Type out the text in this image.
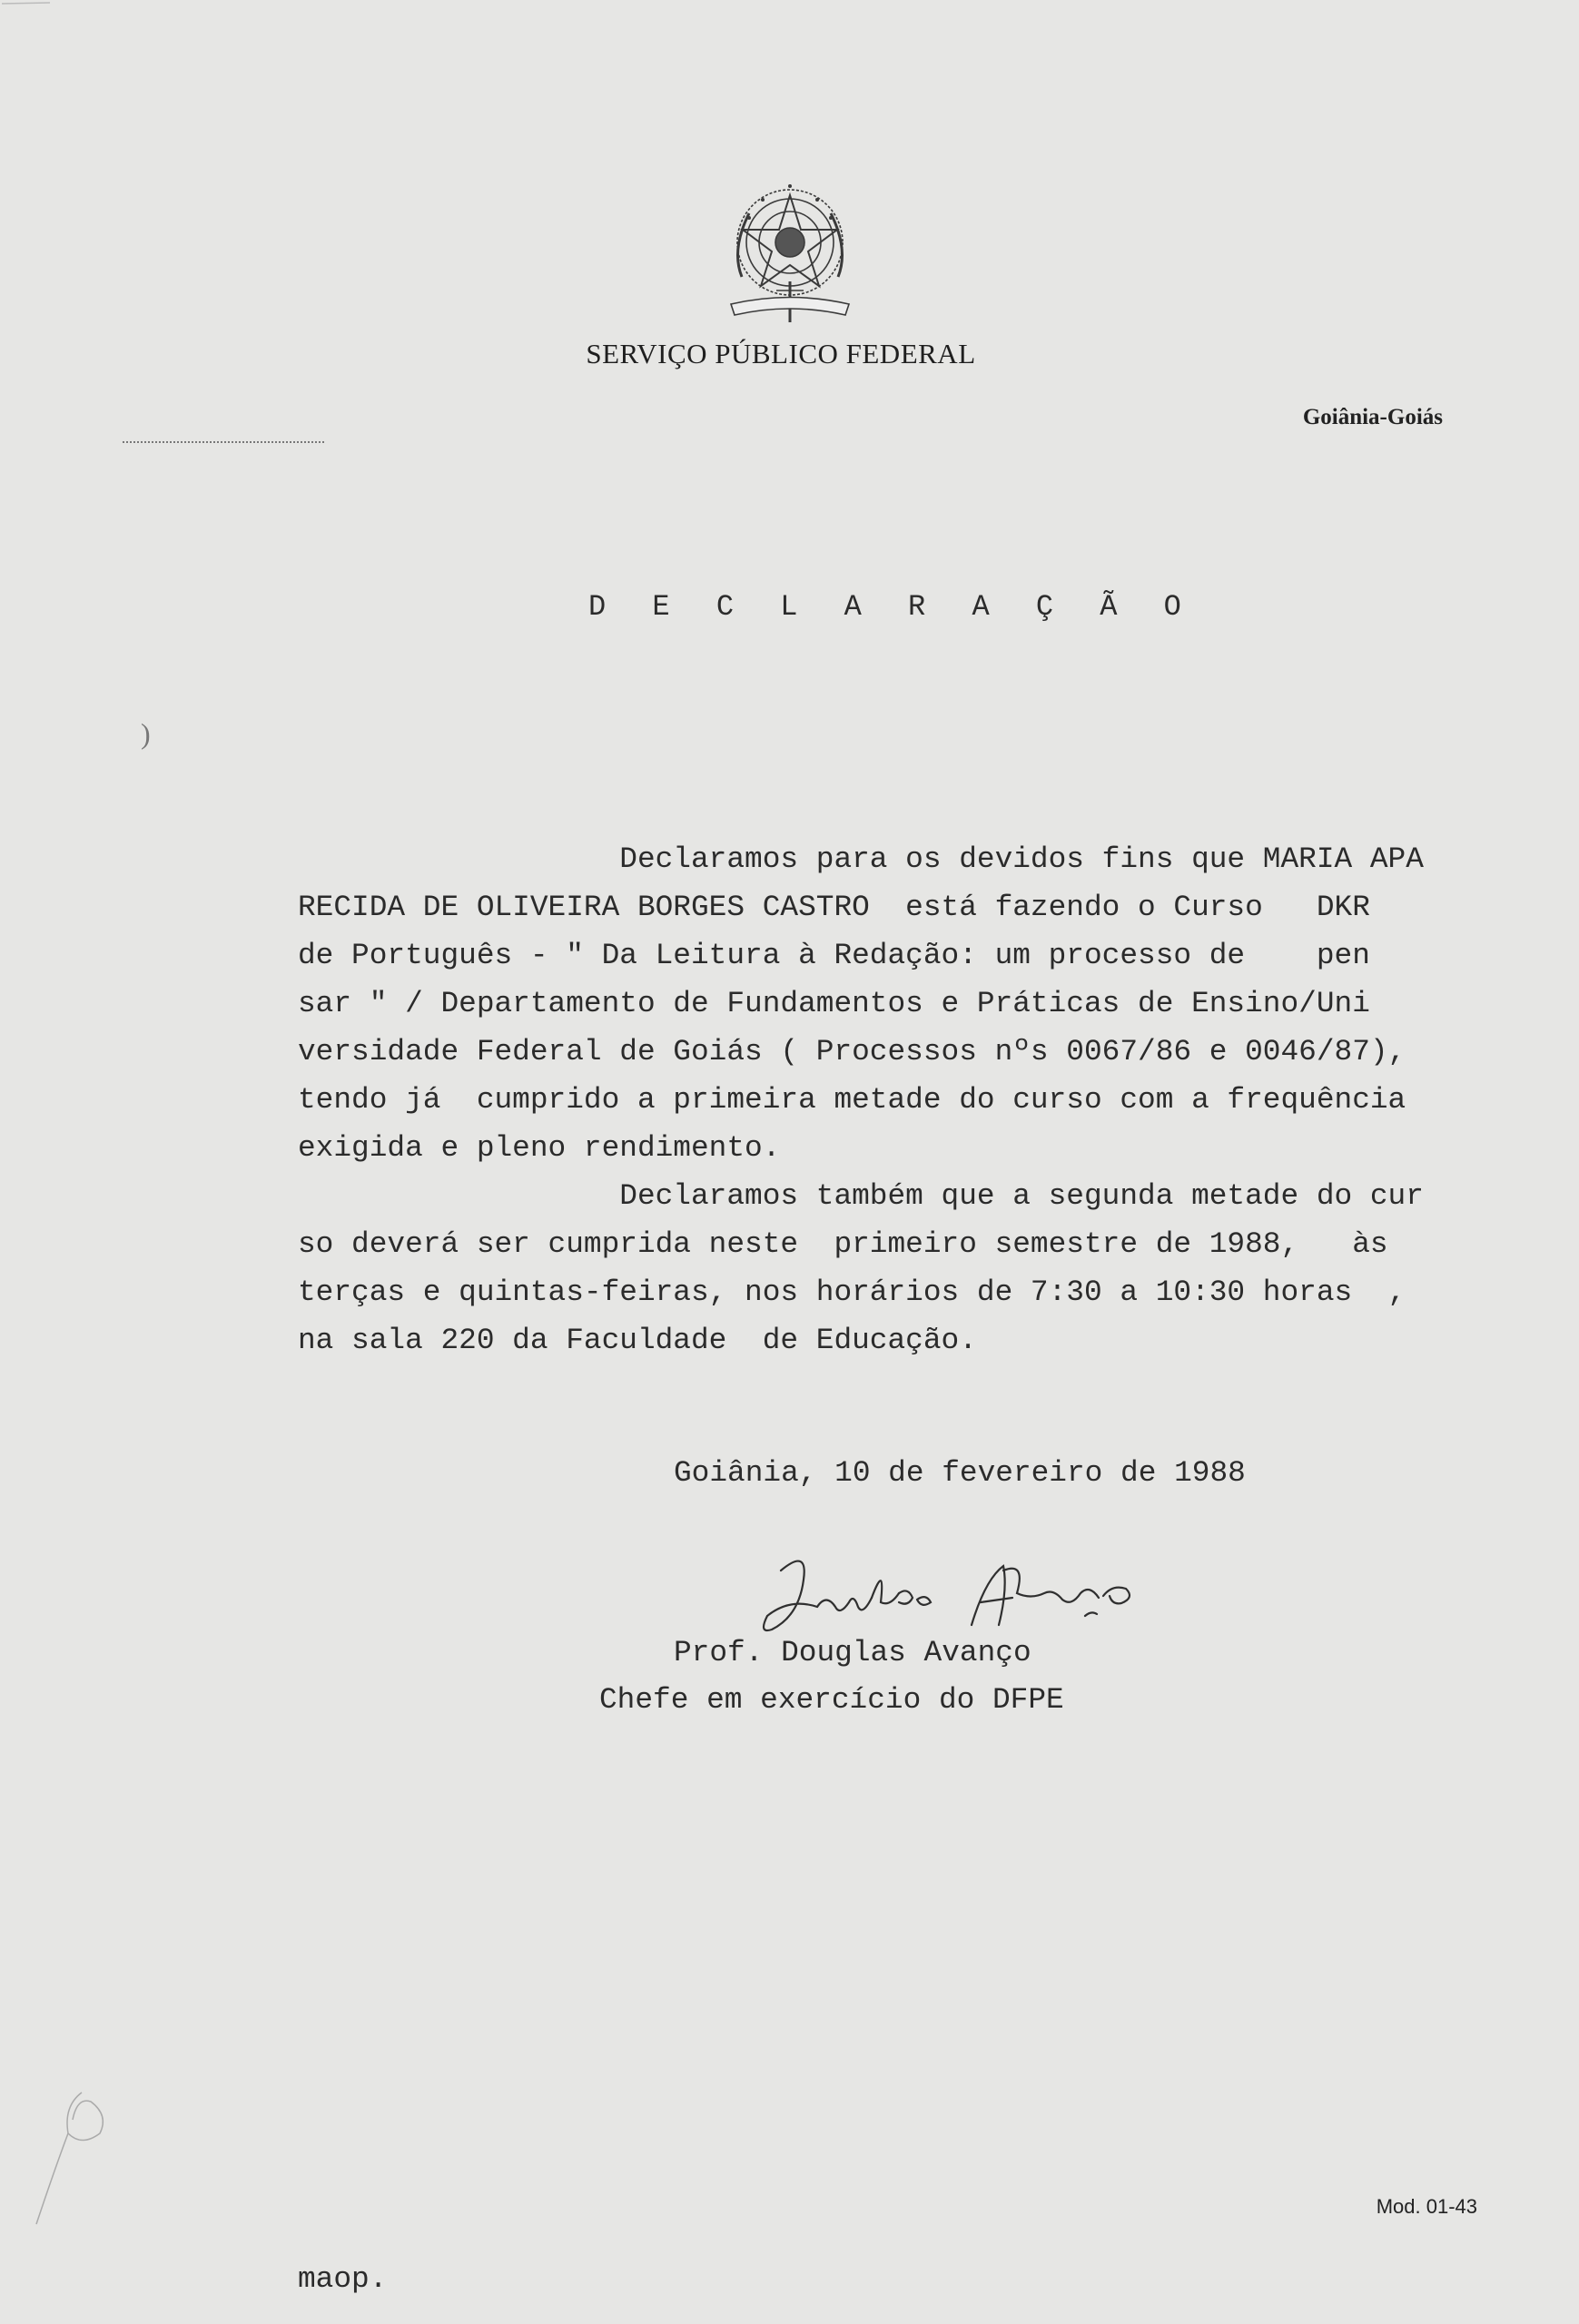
SERVIÇO PÚBLICO FEDERAL
Goiânia-Goiás
D E C L A R A Ç Ã O
)
Declaramos para os devidos fins que MARIA APA
RECIDA DE OLIVEIRA BORGES CASTRO  está fazendo o Curso   DKR
de Português - " Da Leitura à Redação: um processo de    pen
sar " / Departamento de Fundamentos e Práticas de Ensino/Uni
versidade Federal de Goiás ( Processos nºs 0067/86 e 0046/87),
tendo já  cumprido a primeira metade do curso com a frequência
exigida e pleno rendimento.
Declaramos também que a segunda metade do cur
so deverá ser cumprida neste  primeiro semestre de 1988,   às
terças e quintas-feiras, nos horários de 7:30 a 10:30 horas  ,
na sala 220 da Faculdade  de Educação.
Goiânia, 10 de fevereiro de 1988
Prof. Douglas Avanço
Chefe em exercício do DFPE
Mod. 01-43
maop.
